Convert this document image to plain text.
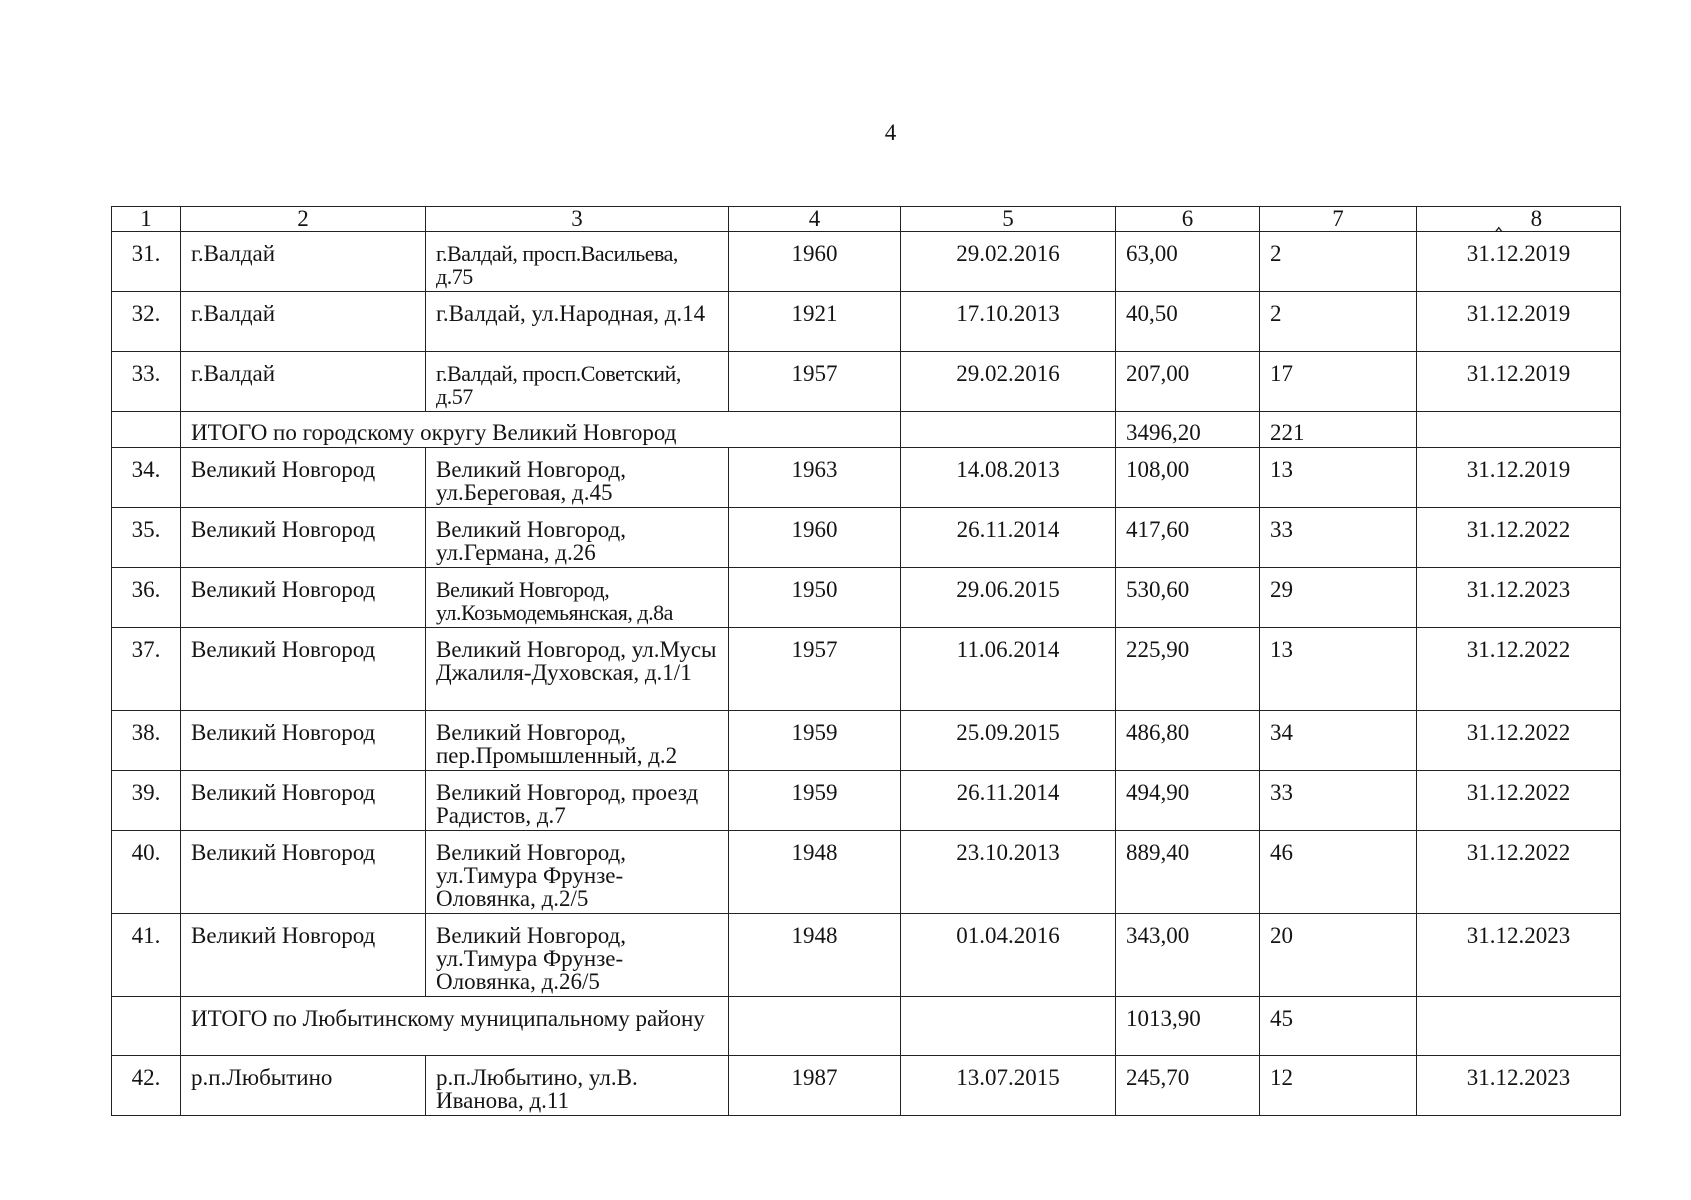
4
1	2	3	4	5	6	7	‸ 8
31.	г.Валдай	г.Валдай, просп.Васильева, д.75	1960	29.02.2016	63,00	2	31.12.2019
32.	г.Валдай	г.Валдай, ул.Народная, д.14	1921	17.10.2013	40,50	2	31.12.2019
33.	г.Валдай	г.Валдай, просп.Советский, д.57	1957	29.02.2016	207,00	17	31.12.2019
	ИТОГО по городскому округу Великий Новгород				3496,20	221	
34.	Великий Новгород	Великий Новгород, ул.Береговая, д.45	1963	14.08.2013	108,00	13	31.12.2019
35.	Великий Новгород	Великий Новгород, ул.Германа, д.26	1960	26.11.2014	417,60	33	31.12.2022
36.	Великий Новгород	Великий Новгород, ул.Козьмодемьянская, д.8а	1950	29.06.2015	530,60	29	31.12.2023
37.	Великий Новгород	Великий Новгород, ул.Мусы Джалиля-Духовская, д.1/1	1957	11.06.2014	225,90	13	31.12.2022
38.	Великий Новгород	Великий Новгород, пер.Промышленный, д.2	1959	25.09.2015	486,80	34	31.12.2022
39.	Великий Новгород	Великий Новгород, проезд Радистов, д.7	1959	26.11.2014	494,90	33	31.12.2022
40.	Великий Новгород	Великий Новгород, ул.Тимура Фрунзе-Оловянка, д.2/5	1948	23.10.2013	889,40	46	31.12.2022
41.	Великий Новгород	Великий Новгород, ул.Тимура Фрунзе-Оловянка, д.26/5	1948	01.04.2016	343,00	20	31.12.2023
	ИТОГО по Любытинскому муниципальному району				1013,90	45	
42.	р.п.Любытино	р.п.Любытино, ул.В. Иванова, д.11	1987	13.07.2015	245,70	12	31.12.2023
